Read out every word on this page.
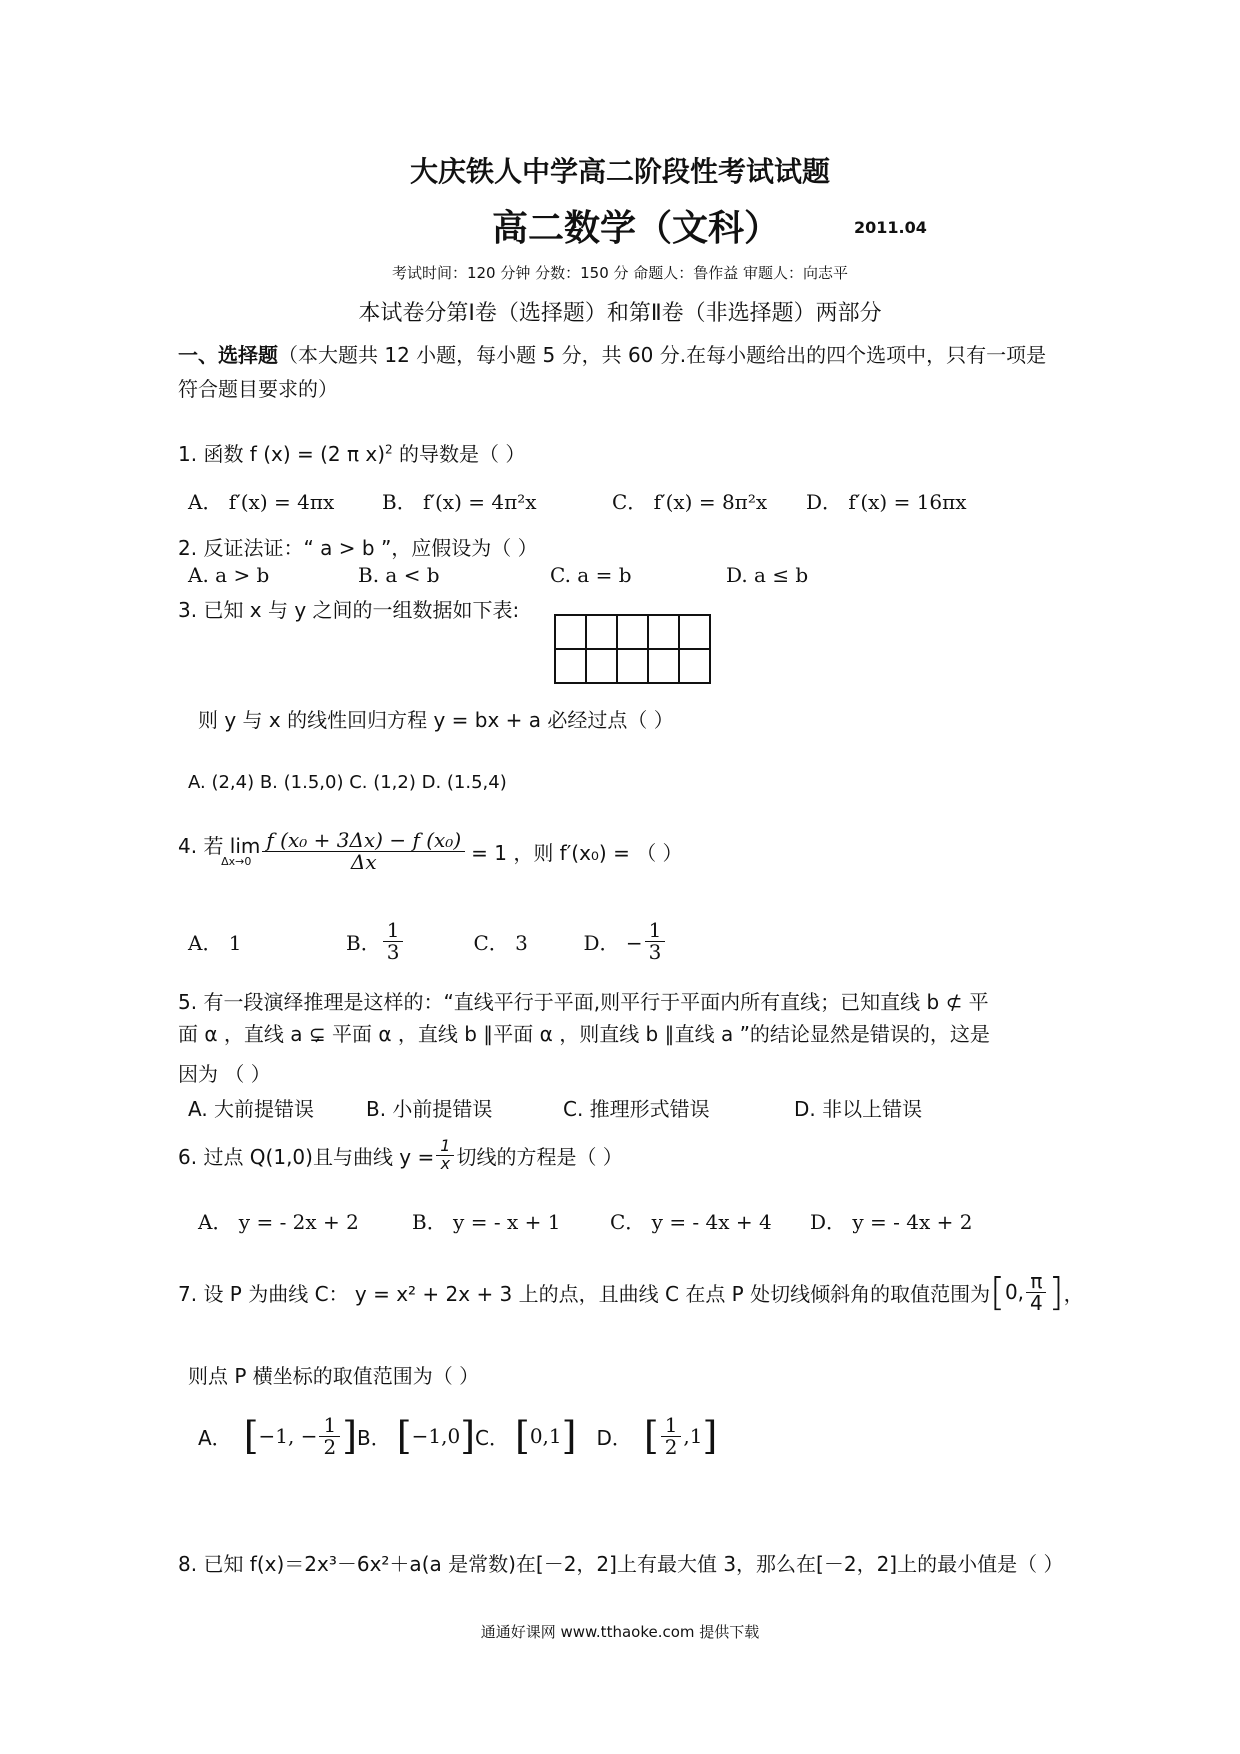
大庆铁人中学高二阶段性考试试题
高二数学（文科）	2011.04
考试时间：120 分钟 分数：150 分 命题人：鲁作益 审题人：向志平
本试卷分第Ⅰ卷（选择题）和第Ⅱ卷（非选择题）两部分
一、选择题（本大题共 12 小题，每小题 5 分，共 60 分.在每小题给出的四个选项中，只有一项是符合题目要求的）
1. 函数 f (x) = (2 π x)$^2$ 的导数是（ ）
A． f′(x) = 4πx B． f′(x) = 4π²x	C． f′(x) = 8π²x D． f′(x) = 16πx
2. 反证法证：“ a > b ”，应假设为（ ）
A. a > b	B. a < b	C. a = b	D. a ≤ b
3. 已知 x 与 y 之间的一组数据如下表:

则 y 与 x 的线性回归方程 y = bx + a 必经过点（ ）
A. (2,4) B. (1.5,0) C. (1,2) D. (1.5,4)
4. 若 lim
$\Delta x\to 0 \frac{\text{f (x₀ + 3Δx) − f (x₀)}}{\Delta x} = 1$ ，则 f′(x₀) = （ ）
A． 1	B． $\frac{1}{3}$	C． 3	D． − $\frac{1}{3}$
5. 有一段演绎推理是这样的：“直线平行于平面,则平行于平面内所有直线；已知直线 b ⊄ 平
面 α ，直线 a ⊊ 平面 α ，直线 b ∥平面 α ，则直线 b ∥直线 a ”的结论显然是错误的，这是
因为 （ ）
A. 大前提错误	B. 小前提错误	C. 推理形式错误	D. 非以上错误
6. 过点 Q(1,0)且与曲线 $y = \frac{1}{x}$ 切线的方程是（ ）
A． y = - 2x + 2	B． y = - x + 1 C． y = - 4x + 4 D． y = - 4x + 2
7. 设 P 为曲线 C： y = x² + 2x + 3 上的点，且曲线 C 在点 P 处切线倾斜角的取值范围为 [ 0, $\frac{\pi}{4}$ ] ，
则点 P 横坐标的取值范围为（ ）
A． [ −1, − $\frac{1}{2}$ ] B． [ −1,0 ] C． [ 0,1 ] D． [ $\frac{1}{2} ,1$ ]
8. 已知 f(x)＝2x³－6x²＋a(a 是常数)在[－2，2]上有最大值 3，那么在[－2，2]上的最小值是（ ）
通通好课网 www.tthaoke.com 提供下载
